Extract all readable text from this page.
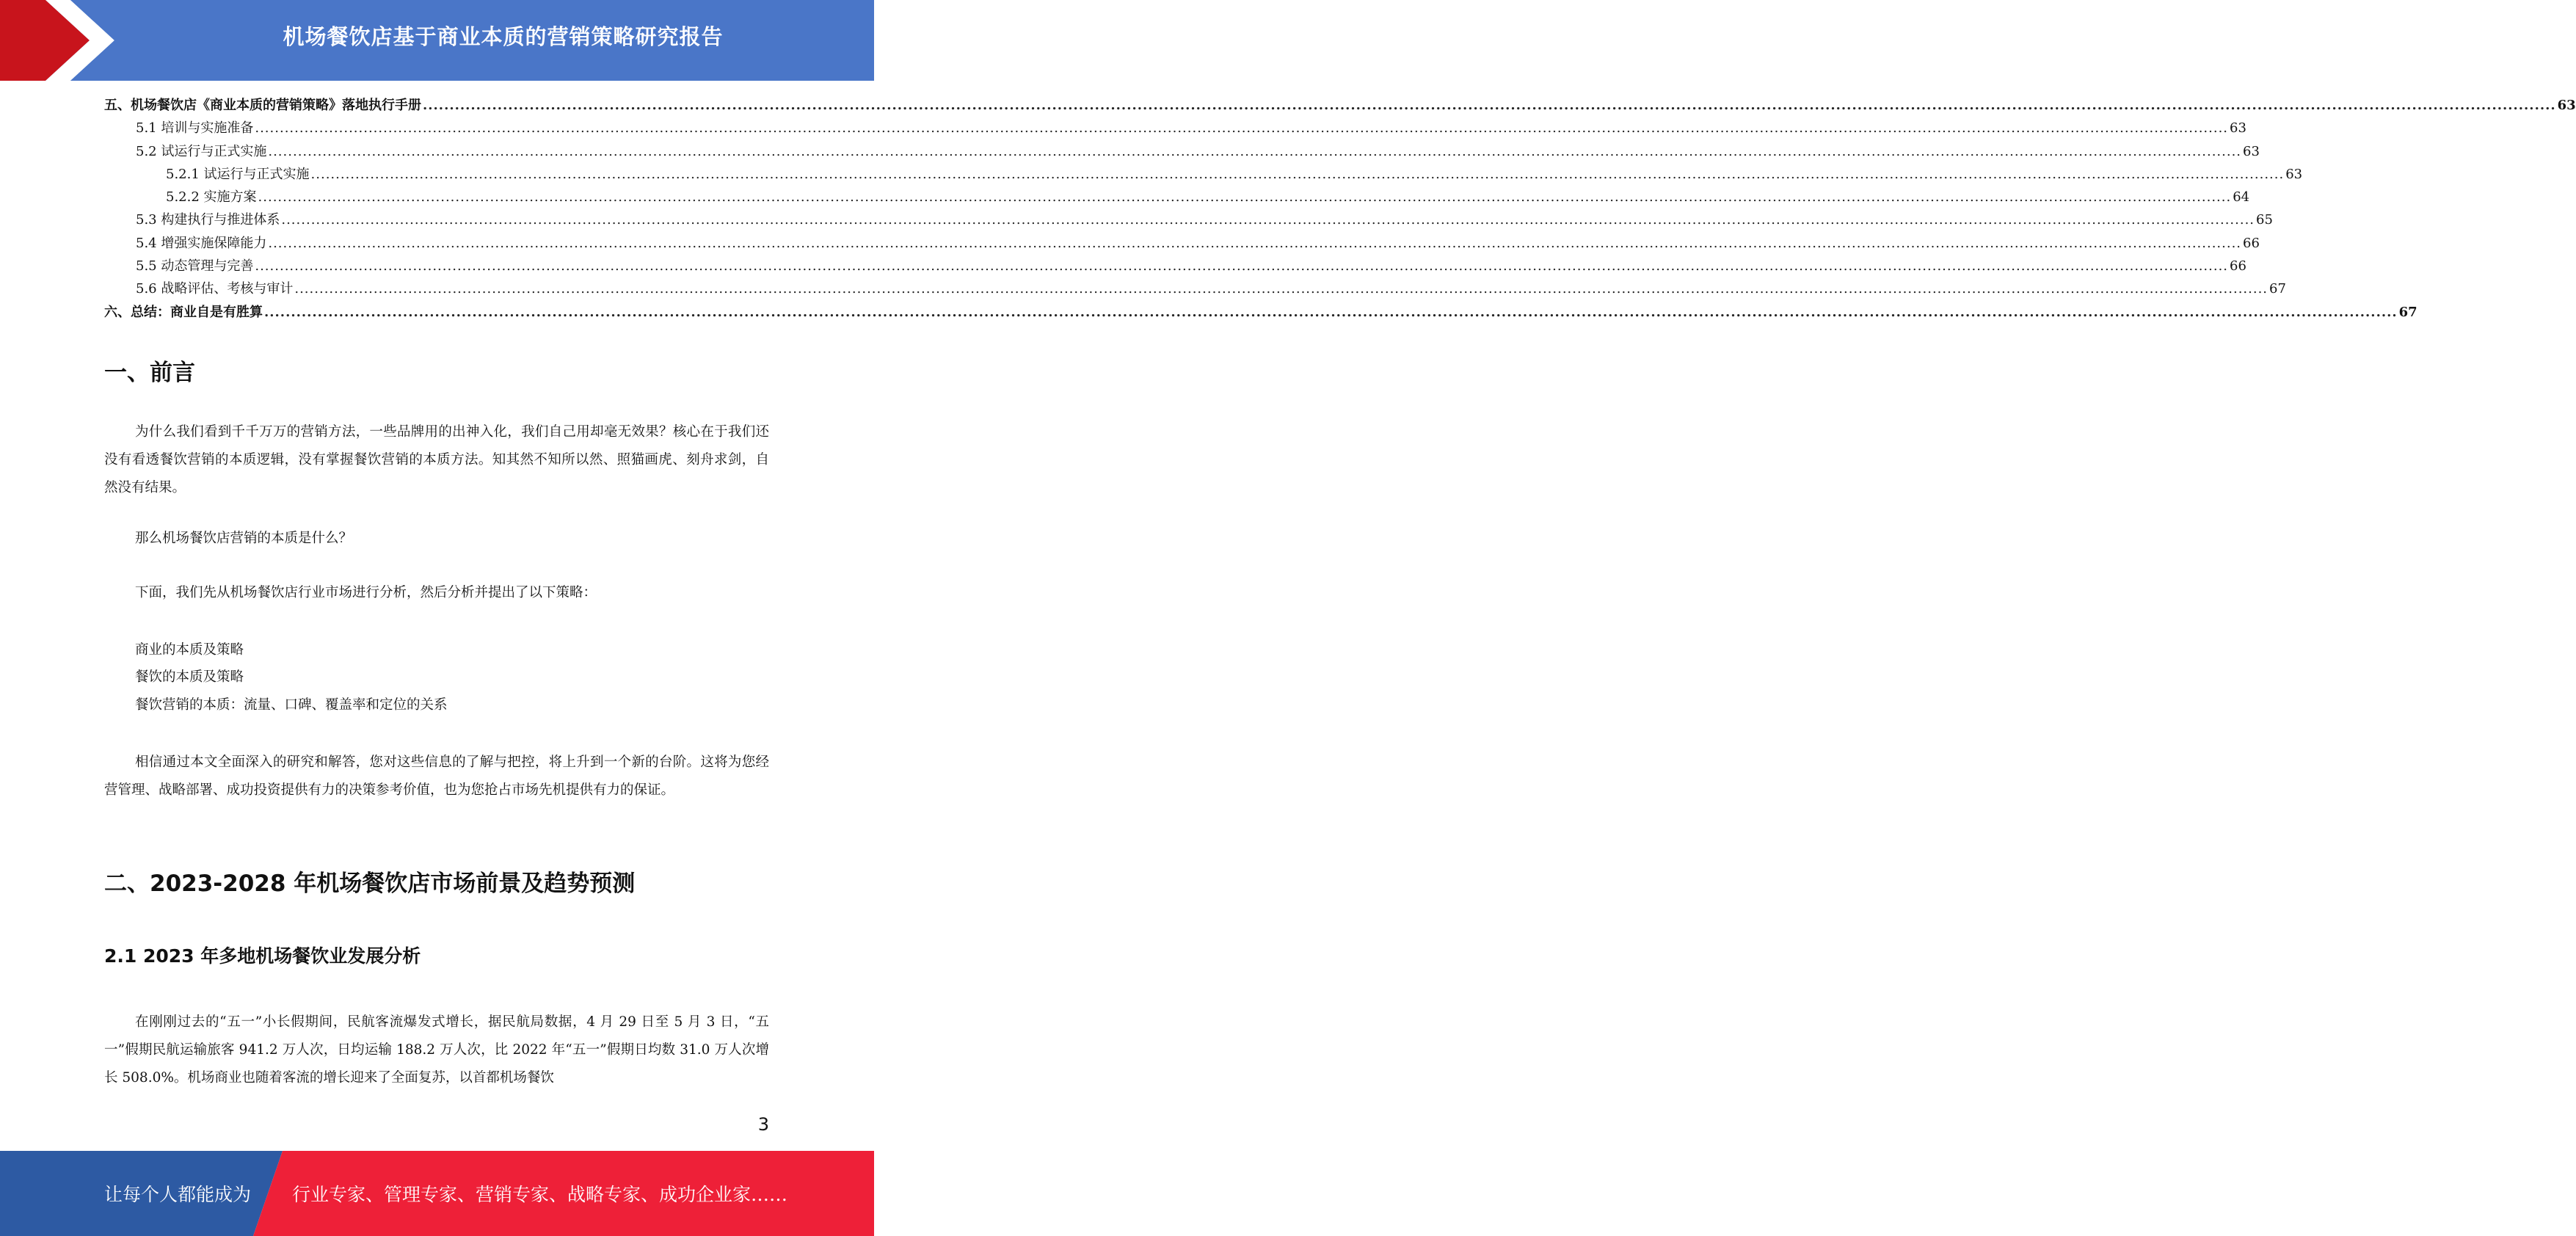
机场餐饮店基于商业本质的营销策略研究报告
五、机场餐饮店《商业本质的营销策略》落地执行手册 ................................................................................................................................................................................................................................................................................................................................................................................................................ 63
5.1 培训与实施准备 ................................................................................................................................................................................................................................................................................................................................................................................................................ 63
5.2 试运行与正式实施 ................................................................................................................................................................................................................................................................................................................................................................................................................ 63
5.2.1 试运行与正式实施 ................................................................................................................................................................................................................................................................................................................................................................................................................ 63
5.2.2 实施方案 ................................................................................................................................................................................................................................................................................................................................................................................................................ 64
5.3 构建执行与推进体系 ................................................................................................................................................................................................................................................................................................................................................................................................................ 65
5.4 增强实施保障能力 ................................................................................................................................................................................................................................................................................................................................................................................................................ 66
5.5 动态管理与完善 ................................................................................................................................................................................................................................................................................................................................................................................................................ 66
5.6 战略评估、考核与审计 ................................................................................................................................................................................................................................................................................................................................................................................................................ 67
六、总结：商业自是有胜算 ................................................................................................................................................................................................................................................................................................................................................................................................................ 67
一、前言

为什么我们看到千千万万的营销方法，一些品牌用的出神入化，我们自己用却毫无效果？核心在于我们还没有看透餐饮营销的本质逻辑，没有掌握餐饮营销的本质方法。知其然不知所以然、照猫画虎、刻舟求剑，自然没有结果。

那么机场餐饮店营销的本质是什么？

下面，我们先从机场餐饮店行业市场进行分析，然后分析并提出了以下策略：

商业的本质及策略
餐饮的本质及策略
餐饮营销的本质：流量、口碑、覆盖率和定位的关系

相信通过本文全面深入的研究和解答，您对这些信息的了解与把控，将上升到一个新的台阶。这将为您经营管理、战略部署、成功投资提供有力的决策参考价值，也为您抢占市场先机提供有力的保证。

二、2023-2028 年机场餐饮店市场前景及趋势预测
2.1 2023 年多地机场餐饮业发展分析

在刚刚过去的“五一”小长假期间，民航客流爆发式增长，据民航局数据，4 月 29 日至 5 月 3 日，“五一”假期民航运输旅客 941.2 万人次，日均运输 188.2 万人次，比 2022 年“五一”假期日均数 31.0 万人次增长 508.0%。机场商业也随着客流的增长迎来了全面复苏，以首都机场餐饮

3
让每个人都能成为 行业专家、管理专家、营销专家、战略专家、成功企业家……
